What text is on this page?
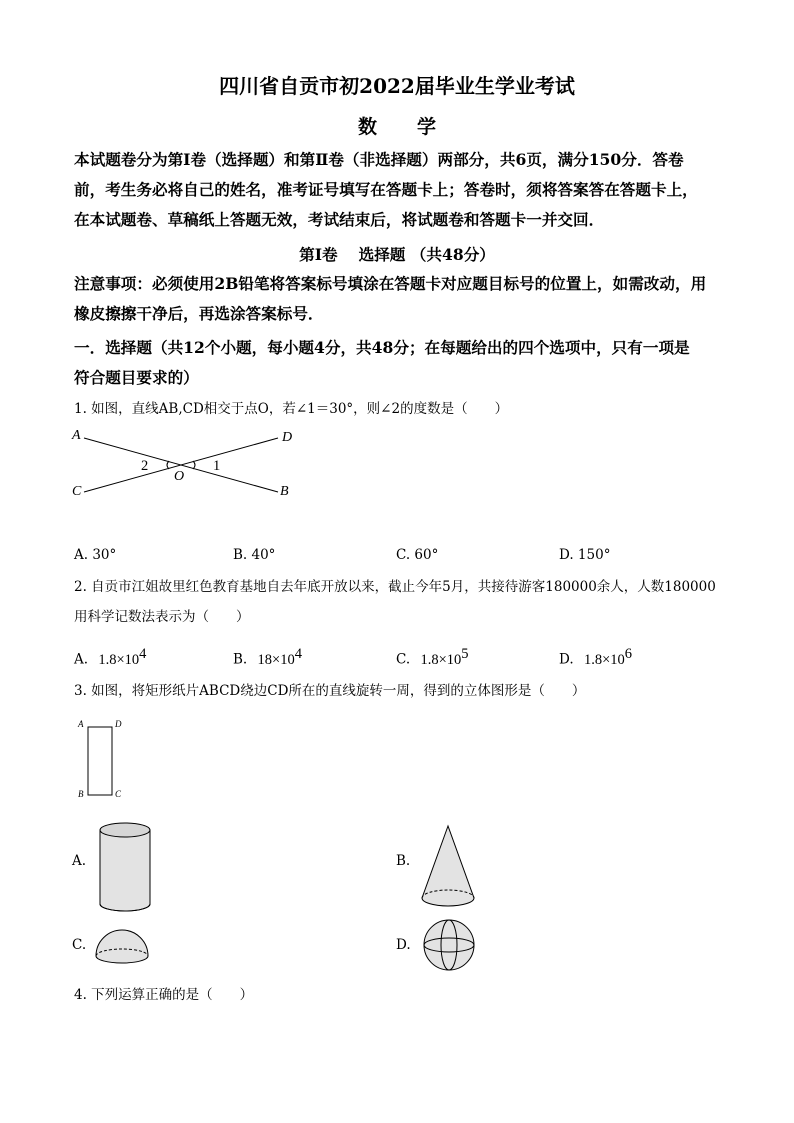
四川省自贡市初2022届毕业生学业考试
数学
本试题卷分为第Ⅰ卷（选择题）和第Ⅱ卷（非选择题）两部分，共6页，满分150分．答卷
前，考生务必将自己的姓名，准考证号填写在答题卡上；答卷时，须将答案答在答题卡上，
在本试题卷、草稿纸上答题无效，考试结束后，将试题卷和答题卡一并交回．
第Ⅰ卷　 选择题 （共48分）
注意事项：必须使用2B铅笔将答案标号填涂在答题卡对应题目标号的位置上，如需改动，用
橡皮擦擦干净后，再选涂答案标号．
一．选择题（共12个小题，每小题4分，共48分；在每题给出的四个选项中，只有一项是
符合题目要求的）
1. 如图，直线AB,CD相交于点O，若∠1＝30°，则∠2的度数是（　　）
A	D
C	B
O
2	1
A. 30°	B. 40°	C. 60°	D. 150°
2. 自贡市江姐故里红色教育基地自去年底开放以来，截止今年5月，共接待游客180000余人，人数180000
用科学记数法表示为（　　）
A. $1.8\times 10^4$	B. $18\times 10^4$	C. $1.8\times 10^5$	D. $1.8\times 10^6$
3. 如图，将矩形纸片ABCD绕边CD所在的直线旋转一周，得到的立体图形是（　　）
A	D
B	C
A.	B.
C.	D.
4. 下列运算正确的是（　　）
